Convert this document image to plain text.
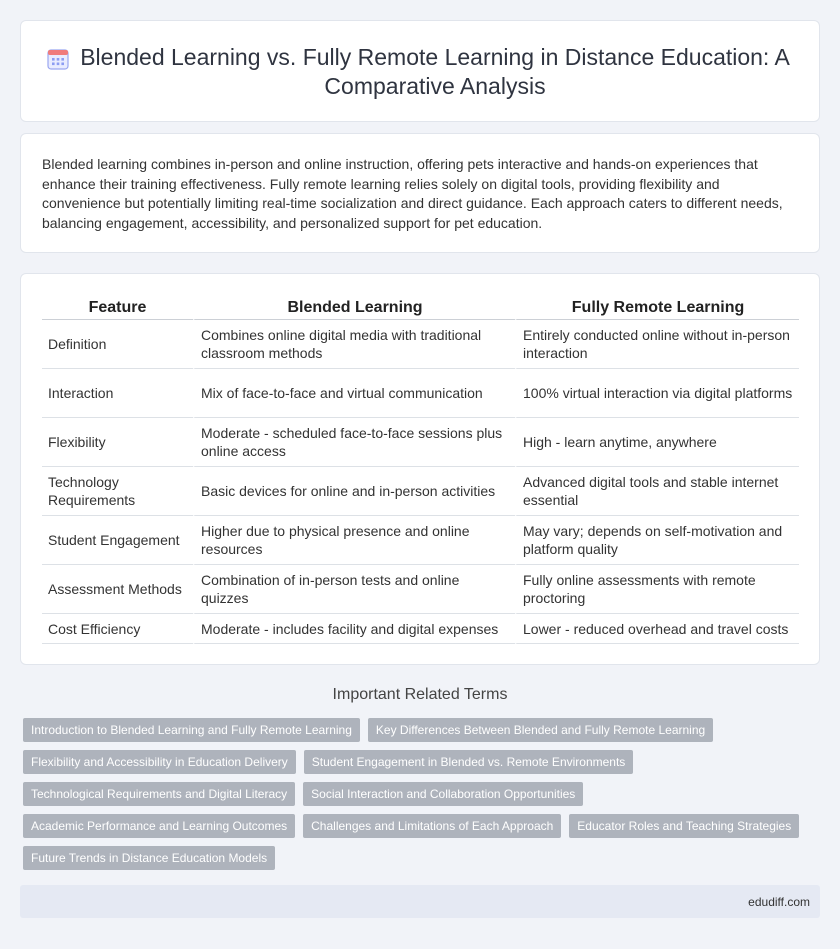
Blended Learning vs. Fully Remote Learning in Distance Education: A Comparative Analysis

Blended learning combines in-person and online instruction, offering pets interactive and hands-on experiences that enhance their training effectiveness. Fully remote learning relies solely on digital tools, providing flexibility and convenience but potentially limiting real-time socialization and direct guidance. Each approach caters to different needs, balancing engagement, accessibility, and personalized support for pet education.

Feature	Blended Learning	Fully Remote Learning
Definition	Combines online digital media with traditional classroom methods	Entirely conducted online without in-person interaction
Interaction	Mix of face-to-face and virtual communication	100% virtual interaction via digital platforms
Flexibility	Moderate - scheduled face-to-face sessions plus online access	High - learn anytime, anywhere
Technology Requirements	Basic devices for online and in-person activities	Advanced digital tools and stable internet essential
Student Engagement	Higher due to physical presence and online resources	May vary; depends on self-motivation and platform quality
Assessment Methods	Combination of in-person tests and online quizzes	Fully online assessments with remote proctoring
Cost Efficiency	Moderate - includes facility and digital expenses	Lower - reduced overhead and travel costs
Important Related Terms
Introduction to Blended Learning and Fully Remote Learning	Key Differences Between Blended and Fully Remote Learning
Flexibility and Accessibility in Education Delivery	Student Engagement in Blended vs. Remote Environments
Technological Requirements and Digital Literacy	Social Interaction and Collaboration Opportunities
Academic Performance and Learning Outcomes	Challenges and Limitations of Each Approach	Educator Roles and Teaching Strategies
Future Trends in Distance Education Models
edudiff.com
